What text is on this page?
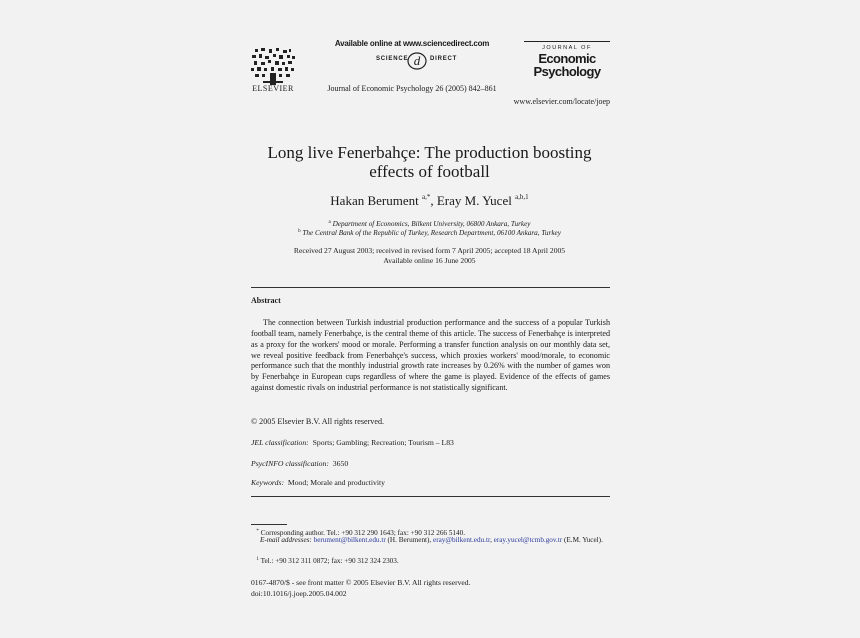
ELSEVIER
Available online at www.sciencedirect.com
SCIENCE d DIRECT
Journal of Economic Psychology 26 (2005) 842–861
JOURNAL OF
Economic
Psychology
www.elsevier.com/locate/joep
Long live Fenerbahçe: The production boosting
effects of football
Hakan Berument $^{a,*}$, Eray M. Yucel $^{a,b,1}$
$^a$ Department of Economics, Bilkent University, 06800 Ankara, Turkey
$^b$ The Central Bank of the Republic of Turkey, Research Department, 06100 Ankara, Turkey
Received 27 August 2003; received in revised form 7 April 2005; accepted 18 April 2005
Available online 16 June 2005
Abstract
The connection between Turkish industrial production performance and the success of a popular Turkish football team, namely Fenerbahçe, is the central theme of this article. The success of Fenerbahçe is interpreted as a proxy for the workers' mood or morale. Performing a transfer function analysis on our monthly data set, we reveal positive feedback from Fenerbahçe's success, which proxies workers' mood/morale, to economic performance such that the monthly industrial growth rate increases by 0.26% with the number of games won by Fenerbahçe in European cups regardless of where the game is played. Evidence of the effects of games against domestic rivals on industrial performance is not statistically significant.
© 2005 Elsevier B.V. All rights reserved.
JEL classification: Sports; Gambling; Recreation; Tourism – L83
PsycINFO classification: 3650
Keywords: Mood; Morale and productivity
* Corresponding author. Tel.: +90 312 290 1643; fax: +90 312 266 5140.
E-mail addresses: berument@bilkent.edu.tr (H. Berument), eray@bilkent.edu.tr, eray.yucel@tcmb.gov.tr (E.M. Yucel).
$^1$ Tel.: +90 312 311 0872; fax: +90 312 324 2303.
0167-4870/$ - see front matter © 2005 Elsevier B.V. All rights reserved.
doi:10.1016/j.joep.2005.04.002
